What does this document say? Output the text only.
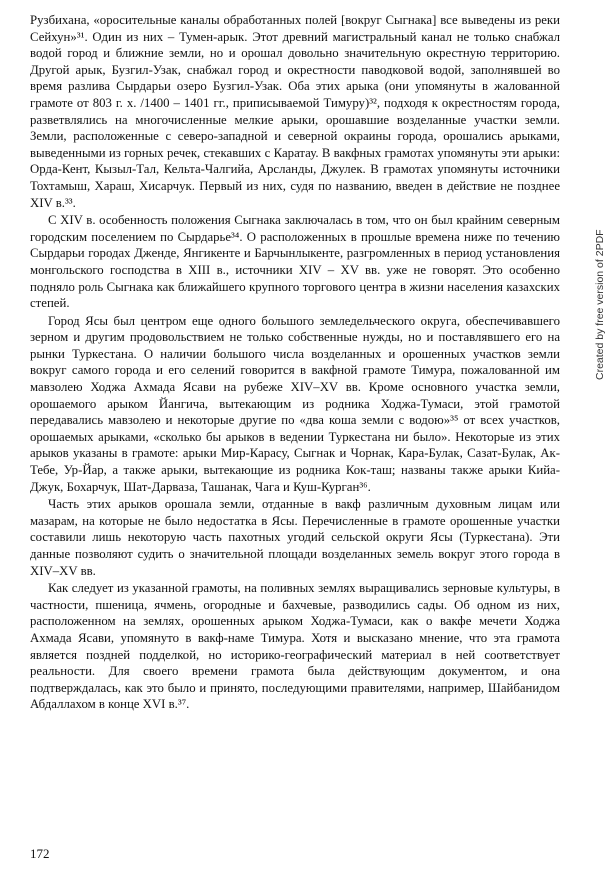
Рузбихана, «оросительные каналы обработанных полей [вокруг Сыгнака] все выведены из реки Сейхун»³¹. Один из них – Тумен-арык. Этот древний магистральный канал не только снабжал водой город и ближние земли, но и орошал довольно значительную окрестную территорию. Другой арык, Бузгил-Узак, снабжал город и окрестности паводковой водой, заполнявшей во время разлива Сырдарьи озеро Бузгил-Узак. Оба этих арыка (они упомянуты в жалованной грамоте от 803 г. х. /1400 – 1401 гг., приписываемой Тимуру)³², подходя к окрестностям города, разветвлялись на многочисленные мелкие арыки, орошавшие возделанные участки земли. Земли, расположенные с северо-западной и северной окраины города, орошались арыками, выведенными из горных речек, стекавших с Каратау. В вакфных грамотах упомянуты эти арыки: Орда-Кент, Кызыл-Тал, Кельта-Чалгийа, Арсланды, Джулек. В грамотах упомянуты источники Тохтамыш, Хараш, Хисарчук. Первый из них, судя по названию, введен в действие не позднее XIV в.³³.

С XIV в. особенность положения Сыгнака заключалась в том, что он был крайним северным городским поселением по Сырдарье³⁴. О расположенных в прошлые времена ниже по течению Сырдарьи городах Дженде, Янгикенте и Барчынлыкенте, разгромленных в период установления монгольского господства в XIII в., источники XIV – XV вв. уже не говорят. Это особенно подняло роль Сыгнака как ближайшего крупного торгового центра в жизни населения казахских степей.

Город Ясы был центром еще одного большого земледельческого округа, обеспечивавшего зерном и другим продовольствием не только собственные нужды, но и поставлявшего его на рынки Туркестана. О наличии большого числа возделанных и орошенных участков земли вокруг самого города и его селений говорится в вакфной грамоте Тимура, пожалованной им мавзолею Ходжа Ахмада Ясави на рубеже XIV–XV вв. Кроме основного участка земли, орошаемого арыком Йангича, вытекающим из родника Ходжа-Тумаси, этой грамотой передавались мавзолею и некоторые другие по «два коша земли с водою»³⁵ от всех участков, орошаемых арыками, «сколько бы арыков в ведении Туркестана ни было». Некоторые из этих арыков указаны в грамоте: арыки Мир-Карасу, Сыгнак и Чорнак, Кара-Булак, Сазат-Булак, Ак-Тебе, Ур-Йар, а также арыки, вытекающие из родника Кок-таш; названы также арыки Кийа-Джук, Бохарчук, Шат-Дарваза, Ташанак, Чага и Куш-Курган³⁶.

Часть этих арыков орошала земли, отданные в вакф различным духовным лицам или мазарам, на которые не было недостатка в Ясы. Перечисленные в грамоте орошенные участки составили лишь некоторую часть пахотных угодий сельской округи Ясы (Туркестана). Эти данные позволяют судить о значительной площади возделанных земель вокруг этого города в XIV–XV вв.

Как следует из указанной грамоты, на поливных землях выращивались зерновые культуры, в частности, пшеница, ячмень, огородные и бахчевые, разводились сады. Об одном из них, расположенном на землях, орошенных арыком Ходжа-Тумаси, как о вакфе мечети Ходжа Ахмада Ясави, упомянуто в вакф-наме Тимура. Хотя и высказано мнение, что эта грамота является поздней подделкой, но историко-географический материал в ней соответствует реальности. Для своего времени грамота была действующим документом, и она подтверждалась, как это было и принято, последующими правителями, например, Шайбанидом Абдаллахом в конце XVI в.³⁷.

172
Created by free version of 2PDF
